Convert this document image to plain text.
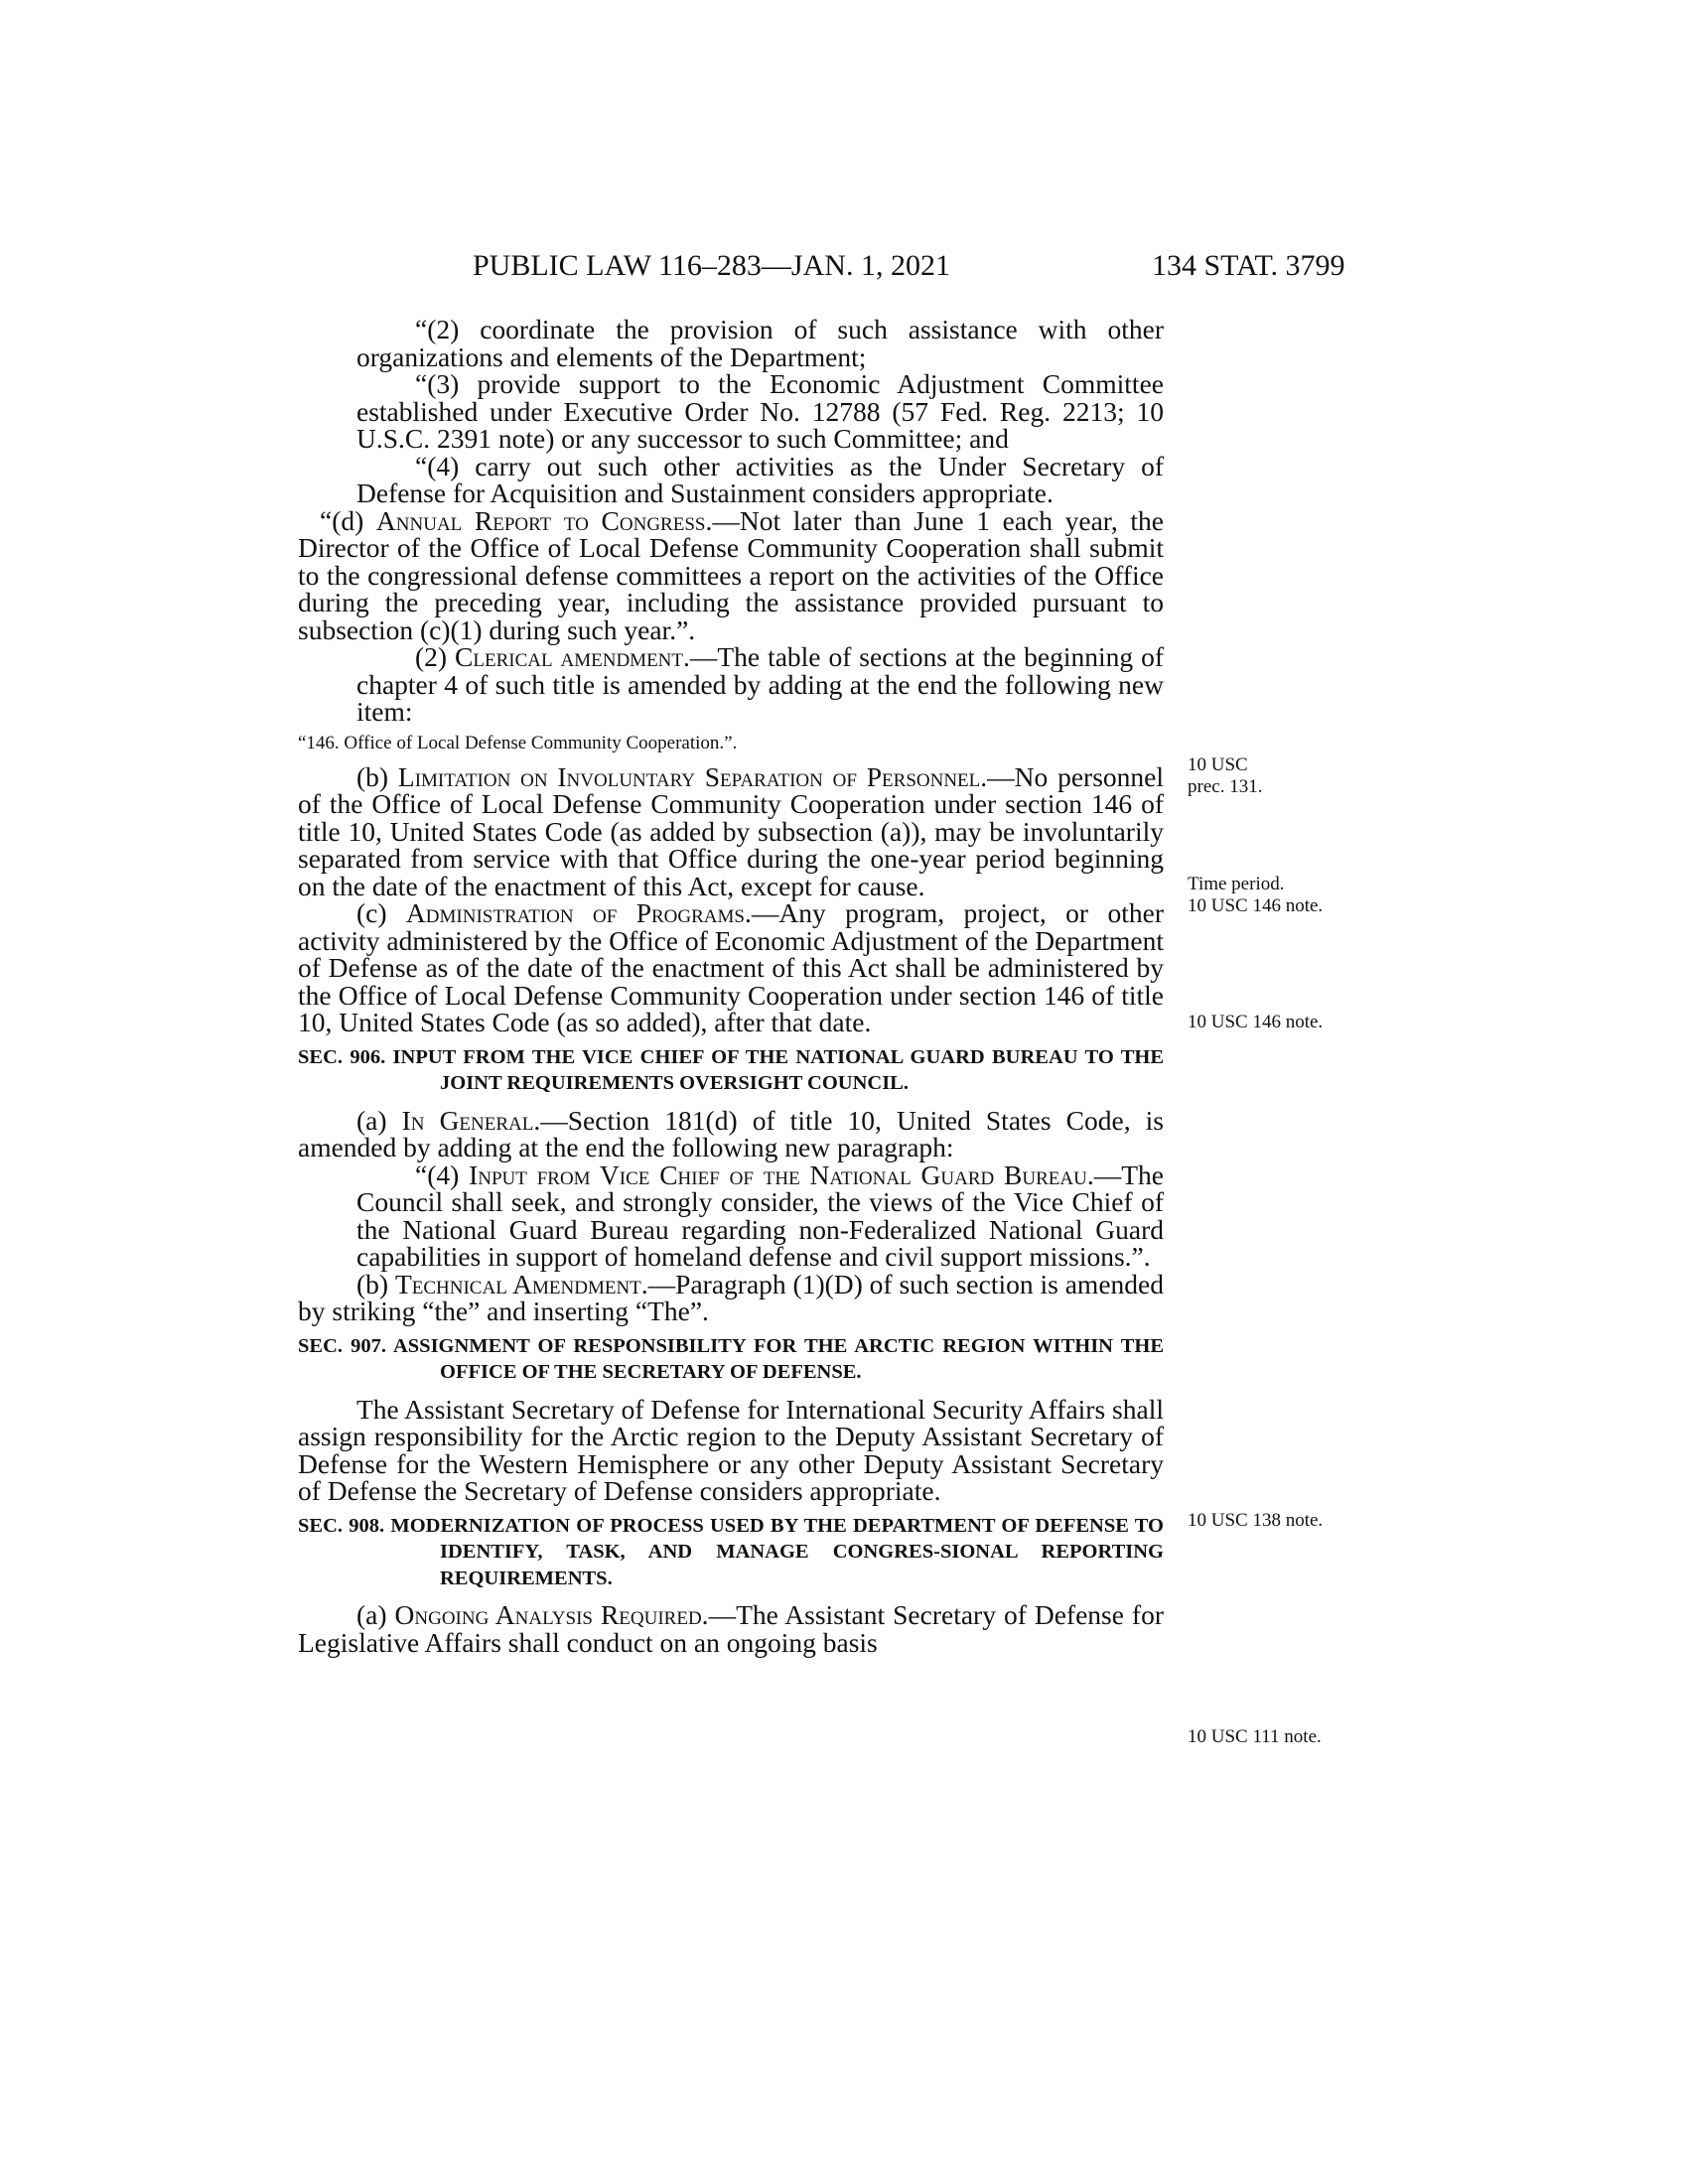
PUBLIC LAW 116–283—JAN. 1, 2021	134 STAT. 3799

“(2) coordinate the provision of such assistance with other organizations and elements of the Department;

“(3) provide support to the Economic Adjustment Committee established under Executive Order No. 12788 (57 Fed. Reg. 2213; 10 U.S.C. 2391 note) or any successor to such Committee; and

“(4) carry out such other activities as the Under Secretary of Defense for Acquisition and Sustainment considers appropriate.

“(d) Annual Report to Congress.—Not later than June 1 each year, the Director of the Office of Local Defense Community Cooperation shall submit to the congressional defense committees a report on the activities of the Office during the preceding year, including the assistance provided pursuant to subsection (c)(1) during such year.”.

(2) Clerical amendment.—The table of sections at the beginning of chapter 4 of such title is amended by adding at the end the following new item:

“146. Office of Local Defense Community Cooperation.”.

(b) Limitation on Involuntary Separation of Personnel.—No personnel of the Office of Local Defense Community Cooperation under section 146 of title 10, United States Code (as added by subsection (a)), may be involuntarily separated from service with that Office during the one-year period beginning on the date of the enactment of this Act, except for cause.

(c) Administration of Programs.—Any program, project, or other activity administered by the Office of Economic Adjustment of the Department of Defense as of the date of the enactment of this Act shall be administered by the Office of Local Defense Community Cooperation under section 146 of title 10, United States Code (as so added), after that date.

SEC. 906. INPUT FROM THE VICE CHIEF OF THE NATIONAL GUARD BUREAU TO THE JOINT REQUIREMENTS OVERSIGHT COUNCIL.

(a) In General.—Section 181(d) of title 10, United States Code, is amended by adding at the end the following new paragraph:

“(4) Input from Vice Chief of the National Guard Bureau.—The Council shall seek, and strongly consider, the views of the Vice Chief of the National Guard Bureau regarding non-Federalized National Guard capabilities in support of homeland defense and civil support missions.”.

(b) Technical Amendment.—Paragraph (1)(D) of such section is amended by striking “the” and inserting “The”.

SEC. 907. ASSIGNMENT OF RESPONSIBILITY FOR THE ARCTIC REGION WITHIN THE OFFICE OF THE SECRETARY OF DEFENSE.

The Assistant Secretary of Defense for International Security Affairs shall assign responsibility for the Arctic region to the Deputy Assistant Secretary of Defense for the Western Hemisphere or any other Deputy Assistant Secretary of Defense the Secretary of Defense considers appropriate.

SEC. 908. MODERNIZATION OF PROCESS USED BY THE DEPARTMENT OF DEFENSE TO IDENTIFY, TASK, AND MANAGE CONGRES-SIONAL REPORTING REQUIREMENTS.

(a) Ongoing Analysis Required.—The Assistant Secretary of Defense for Legislative Affairs shall conduct on an ongoing basis

10 USC
prec. 131.
Time period.
10 USC 146 note.
10 USC 146 note.
10 USC 138 note.
10 USC 111 note.
